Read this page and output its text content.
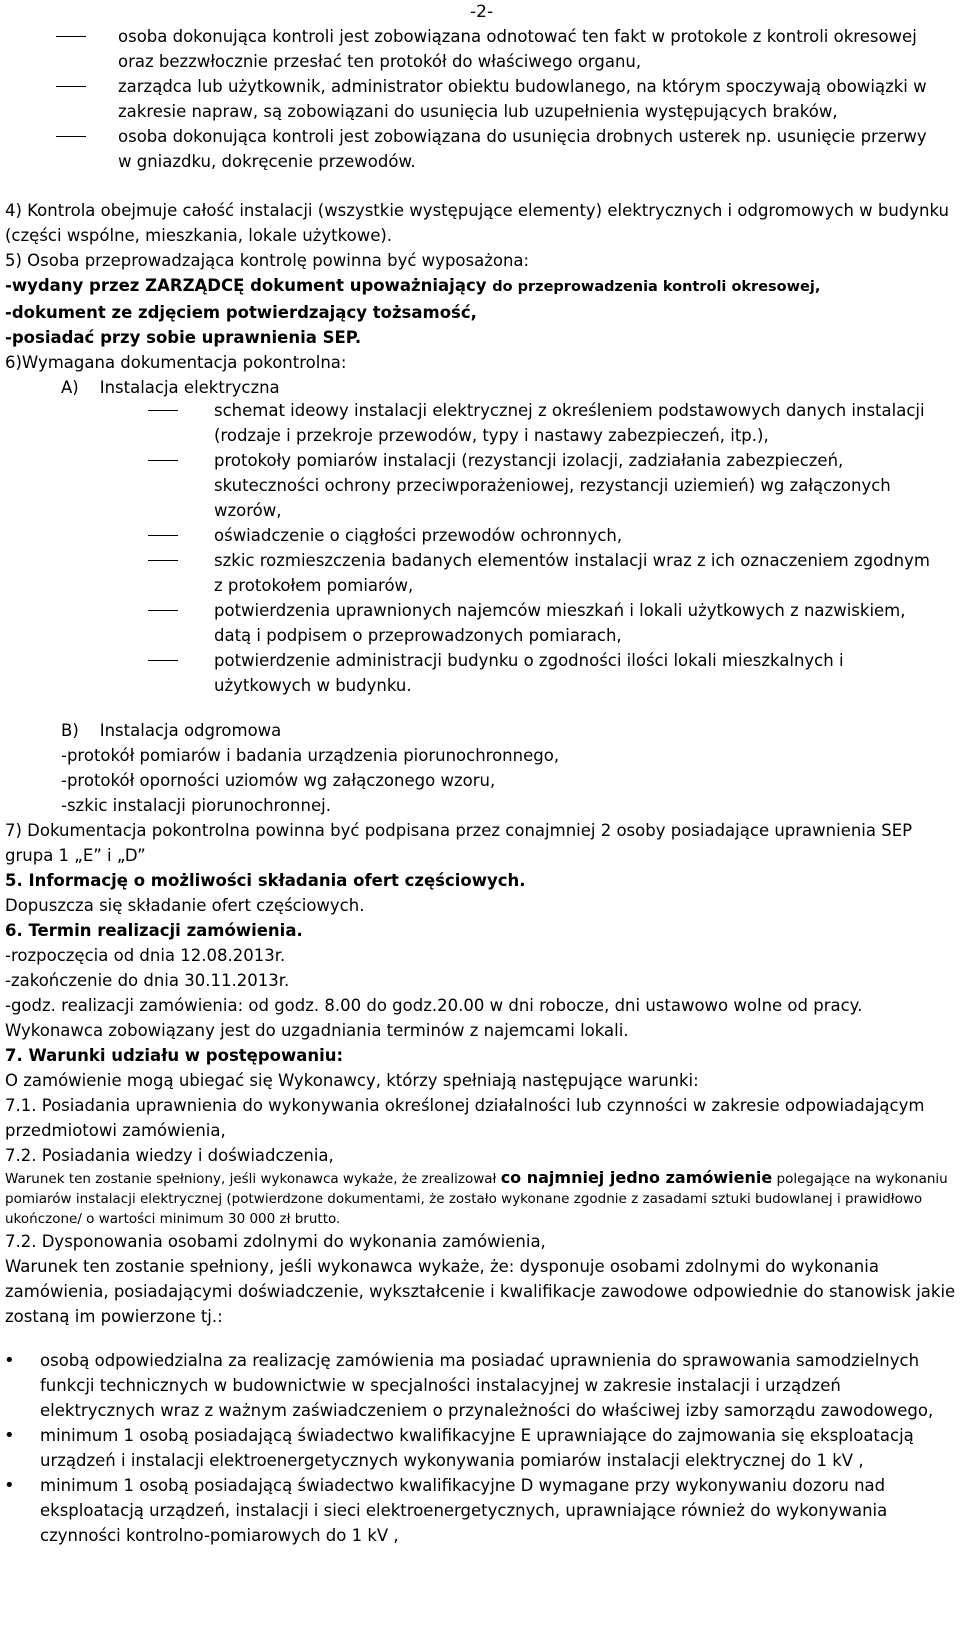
-2-

osoba dokonująca kontroli jest zobowiązana odnotować ten fakt w protokole z kontroli okresowej oraz bezzwłocznie przesłać ten protokół do właściwego organu,

zarządca lub użytkownik, administrator obiektu budowlanego, na którym spoczywają obowiązki w zakresie napraw, są zobowiązani do usunięcia lub uzupełnienia występujących braków,

osoba dokonująca kontroli jest zobowiązana do usunięcia drobnych usterek np. usunięcie przerwy w gniazdku, dokręcenie przewodów.

4) Kontrola obejmuje całość instalacji (wszystkie występujące elementy) elektrycznych i odgromowych w budynku (części wspólne, mieszkania, lokale użytkowe).

5) Osoba przeprowadzająca kontrolę powinna być wyposażona:

-wydany przez ZARZĄDCĘ dokument upoważniający do przeprowadzenia kontroli okresowej,

-dokument ze zdjęciem potwierdzający tożsamość,

-posiadać przy sobie uprawnienia SEP.

6)Wymagana dokumentacja pokontrolna:

A)    Instalacja elektryczna

schemat ideowy instalacji elektrycznej z określeniem podstawowych danych instalacji (rodzaje i przekroje przewodów, typy i nastawy zabezpieczeń, itp.),

protokoły pomiarów instalacji (rezystancji izolacji, zadziałania zabezpieczeń, skuteczności ochrony przeciwporażeniowej, rezystancji uziemień) wg załączonych wzorów,

oświadczenie o ciągłości przewodów ochronnych,

szkic rozmieszczenia badanych elementów instalacji wraz z ich oznaczeniem zgodnym z protokołem pomiarów,

potwierdzenia uprawnionych najemców mieszkań i lokali użytkowych z nazwiskiem, datą i podpisem o przeprowadzonych pomiarach,

potwierdzenie administracji budynku o zgodności ilości lokali mieszkalnych i użytkowych w budynku.

B)    Instalacja odgromowa

-protokół pomiarów i badania urządzenia piorunochronnego,

-protokół oporności uziomów wg załączonego wzoru,

-szkic instalacji piorunochronnej.

7) Dokumentacja pokontrolna powinna być podpisana przez conajmniej 2 osoby posiadające uprawnienia SEP grupa 1 „E” i „D”

5. Informację o możliwości składania ofert częściowych.

Dopuszcza się składanie ofert częściowych.

6. Termin realizacji zamówienia.

-rozpoczęcia od dnia 12.08.2013r.

-zakończenie do dnia 30.11.2013r.

-godz. realizacji zamówienia: od godz. 8.00 do godz.20.00 w dni robocze, dni ustawowo wolne od pracy.

Wykonawca zobowiązany jest do uzgadniania terminów z najemcami lokali.

7. Warunki udziału w postępowaniu:

O zamówienie mogą ubiegać się Wykonawcy, którzy spełniają następujące warunki:

7.1. Posiadania uprawnienia do wykonywania określonej działalności lub czynności w zakresie odpowiadającym przedmiotowi zamówienia,

7.2. Posiadania wiedzy i doświadczenia,

Warunek ten zostanie spełniony, jeśli wykonawca wykaże, że zrealizował co najmniej jedno zamówienie polegające na wykonaniu pomiarów instalacji elektrycznej (potwierdzone dokumentami, że zostało wykonane zgodnie z zasadami sztuki budowlanej i prawidłowo ukończone/ o wartości minimum 30 000 zł brutto.

7.2. Dysponowania osobami zdolnymi do wykonania zamówienia,

Warunek ten zostanie spełniony, jeśli wykonawca wykaże, że: dysponuje osobami zdolnymi do wykonania zamówienia, posiadającymi doświadczenie, wykształcenie i kwalifikacje zawodowe odpowiednie do stanowisk jakie zostaną im powierzone tj.:

• osobą odpowiedzialna za realizację zamówienia ma posiadać uprawnienia do sprawowania samodzielnych funkcji technicznych w budownictwie w specjalności instalacyjnej w zakresie instalacji i urządzeń elektrycznych wraz z ważnym zaświadczeniem o przynależności do właściwej izby samorządu zawodowego,

• minimum 1 osobą posiadającą świadectwo kwalifikacyjne E uprawniające do zajmowania się eksploatacją urządzeń i instalacji elektroenergetycznych wykonywania pomiarów instalacji elektrycznej do 1 kV ,

• minimum 1 osobą posiadającą świadectwo kwalifikacyjne D wymagane przy wykonywaniu dozoru nad eksploatacją urządzeń, instalacji i sieci elektroenergetycznych, uprawniające również do wykonywania czynności kontrolno-pomiarowych do 1 kV ,
